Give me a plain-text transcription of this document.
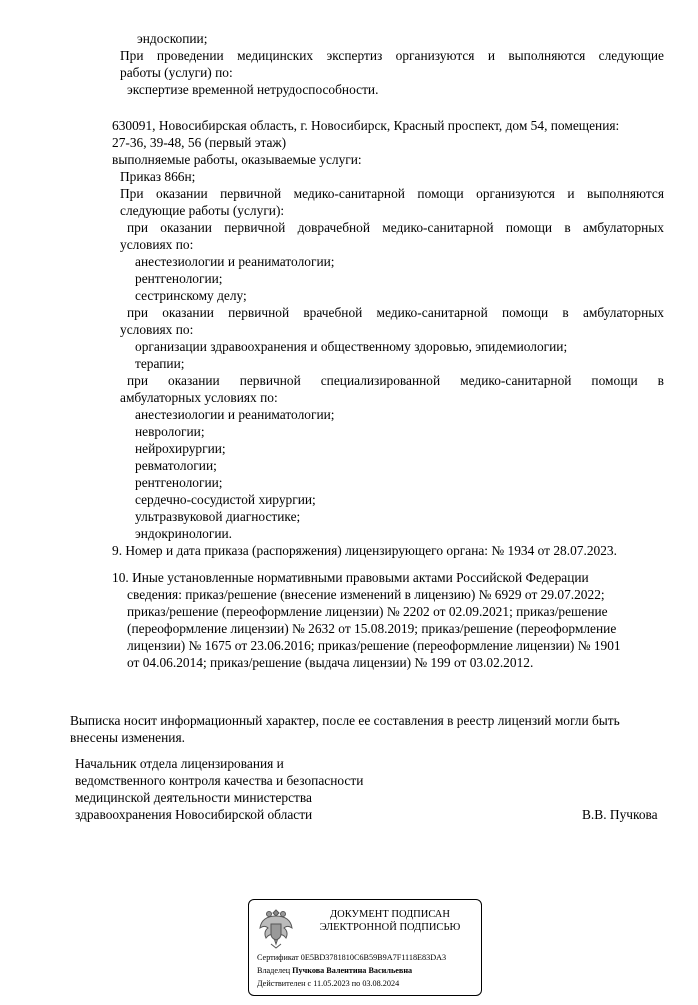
эндоскопии;
При проведении медицинских экспертиз организуются и выполняются следующие
работы (услуги) по:
экспертизе временной нетрудоспособности.
630091, Новосибирская область, г. Новосибирск, Красный проспект, дом 54, помещения:
27-36, 39-48, 56 (первый этаж)
выполняемые работы, оказываемые услуги:
Приказ 866н;
При оказании первичной медико-санитарной помощи организуются и выполняются
следующие работы (услуги):
при оказании первичной доврачебной медико-санитарной помощи в амбулаторных
условиях по:
анестезиологии и реаниматологии;
рентгенологии;
сестринскому делу;
при оказании первичной врачебной медико-санитарной помощи в амбулаторных
условиях по:
организации здравоохранения и общественному здоровью, эпидемиологии;
терапии;
при оказании первичной специализированной медико-санитарной помощи в
амбулаторных условиях по:
анестезиологии и реаниматологии;
неврологии;
нейрохирургии;
ревматологии;
рентгенологии;
сердечно-сосудистой хирургии;
ультразвуковой диагностике;
эндокринологии.
9. Номер и дата приказа (распоряжения) лицензирующего органа: № 1934 от 28.07.2023.
10. Иные установленные нормативными правовыми актами Российской Федерации
сведения: приказ/решение (внесение изменений в лицензию) № 6929 от 29.07.2022;
приказ/решение (переоформление лицензии) № 2202 от 02.09.2021; приказ/решение
(переоформление лицензии) № 2632 от 15.08.2019; приказ/решение (переоформление
лицензии) № 1675 от 23.06.2016; приказ/решение (переоформление лицензии) № 1901
от 04.06.2014; приказ/решение (выдача лицензии) № 199 от 03.02.2012.
Выписка носит информационный характер, после ее составления в реестр лицензий могли быть
внесены изменения.
Начальник отдела лицензирования и
ведомственного контроля качества и безопасности
медицинской деятельности министерства
здравоохранения Новосибирской области	В.В. Пучкова
ДОКУМЕНТ ПОДПИСАН
ЭЛЕКТРОННОЙ ПОДПИСЬЮ
Сертификат 0E5BD3781810C6B59B9A7F1118E83DA3
Владелец Пучкова Валентина Васильевна
Действителен с 11.05.2023 по 03.08.2024
